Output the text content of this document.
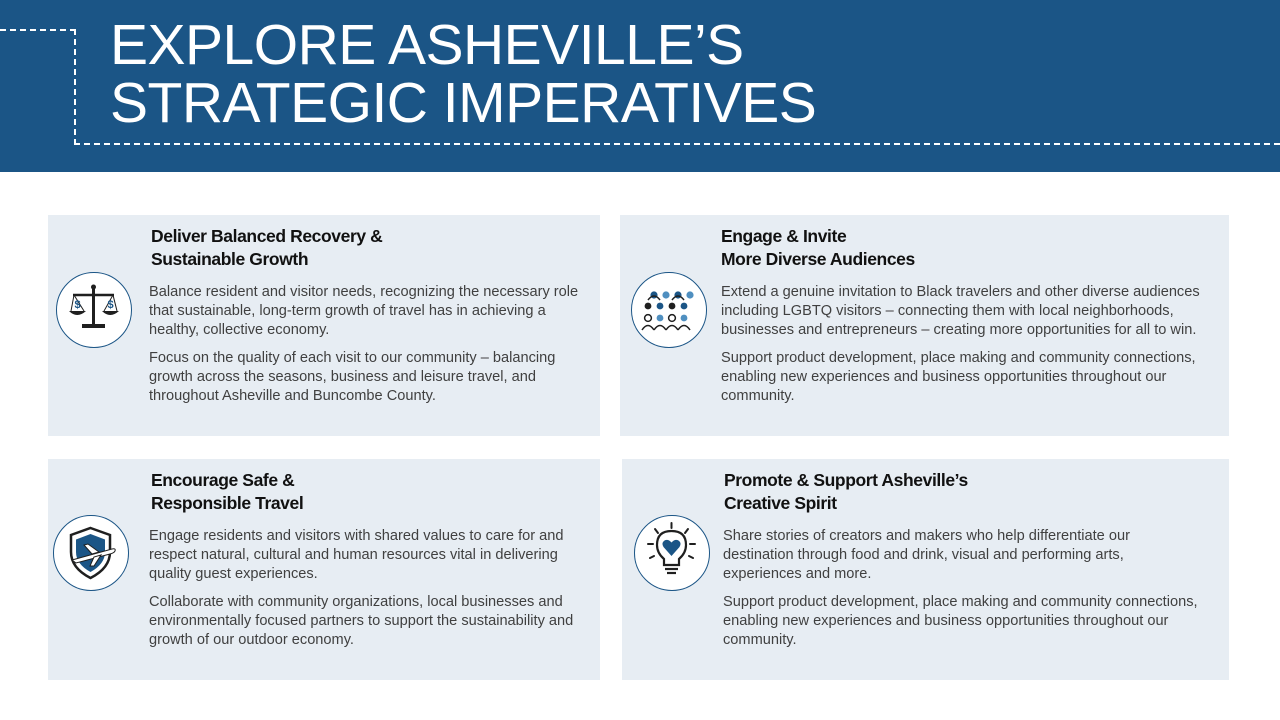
EXPLORE ASHEVILLE’S
STRATEGIC IMPERATIVES
$ $
Deliver Balanced Recovery &
Sustainable Growth

Balance resident and visitor needs, recognizing the necessary role that sustainable, long-term growth of travel has in achieving a healthy, collective economy.

Focus on the quality of each visit to our community – balancing growth across the seasons, business and leisure travel, and throughout Asheville and Buncombe County.

Engage & Invite
More Diverse Audiences

Extend a genuine invitation to Black travelers and other diverse audiences including LGBTQ visitors – connecting them with local neighborhoods, businesses and entrepreneurs – creating more opportunities for all to win.

Support product development, place making and community connections, enabling new experiences and business opportunities throughout our community.

Encourage Safe &
Responsible Travel

Engage residents and visitors with shared values to care for and respect natural, cultural and human resources vital in delivering quality guest experiences.

Collaborate with community organizations, local businesses and environmentally focused partners to support the sustainability and growth of our outdoor economy.

Promote & Support Asheville’s
Creative Spirit

Share stories of creators and makers who help differentiate our destination through food and drink, visual and performing arts, experiences and more.

Support product development, place making and community connections, enabling new experiences and business opportunities throughout our community.
